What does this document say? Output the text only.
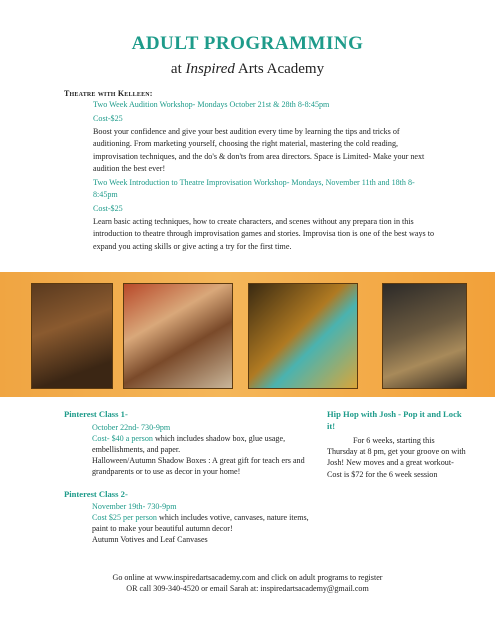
ADULT PROGRAMMING
at Inspired Arts Academy
Theatre with Kelleen:
Two Week Audition Workshop- Mondays October 21st & 28th 8-8:45pm
Cost-$25
Boost your confidence and give your best audition every time by learning the tips and tricks of auditioning. From marketing yourself, choosing the right material, mastering the cold reading, improvisation techniques, and the do's & don'ts from area directors. Space is Limited- Make your next audition the best ever!
Two Week Introduction to Theatre Improvisation Workshop- Mondays, November 11th and 18th 8-8:45pm
Cost-$25
Learn basic acting techniques, how to create characters, and scenes without any prepara tion in this introduction to theatre through improvisation games and stories. Improvisa tion is one of the best ways to expand you acting skills or give acting a try for the first time.
Pinterest Class 1-
October 22nd- 730-9pm
Cost- $40 a person which includes shadow box, glue usage, embellishments, and paper.
Halloween/Autumn Shadow Boxes : A great gift for teach ers and grandparents or to use as decor in your home!
Pinterest Class 2-
November 19th- 730-9pm
Cost $25 per person which includes votive, canvases, nature items, paint to make your beautiful autumn decor!
Autumn Votives and Leaf Canvases
Hip Hop with Josh - Pop it and Lock it!
For 6 weeks, starting this Thursday at 8 pm, get your groove on with Josh! New moves and a great workout- Cost is $72 for the 6 week session
Go online at www.inspiredartsacademy.com and click on adult programs to register
OR call 309-340-4520 or email Sarah at: inspiredartsacademy@gmail.com
